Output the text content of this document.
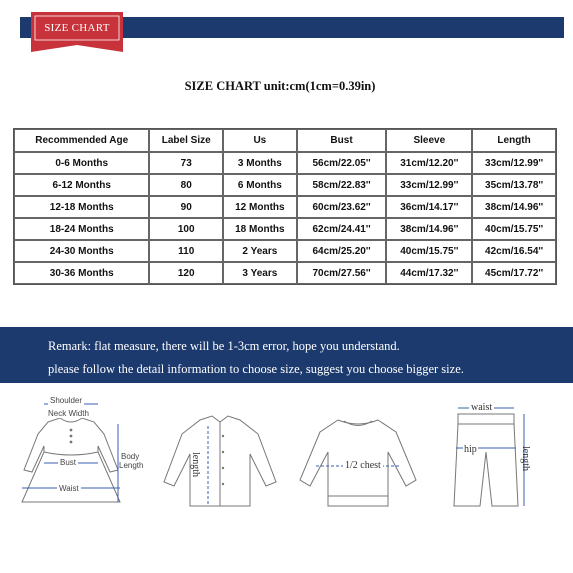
SIZE CHART
SIZE CHART unit:cm(1cm=0.39in)
Recommended Age	Label Size	Us	Bust	Sleeve	Length
0-6 Months	73	3 Months	56cm/22.05''	31cm/12.20''	33cm/12.99''
6-12 Months	80	6 Months	58cm/22.83''	33cm/12.99''	35cm/13.78''
12-18 Months	90	12 Months	60cm/23.62''	36cm/14.17''	38cm/14.96''
18-24 Months	100	18 Months	62cm/24.41''	38cm/14.96''	40cm/15.75''
24-30 Months	110	2 Years	64cm/25.20''	40cm/15.75''	42cm/16.54''
30-36 Months	120	3 Years	70cm/27.56''	44cm/17.32''	45cm/17.72''
Remark: flat measure, there will be 1-3cm error, hope you understand.
please follow the detail information to choose size, suggest you choose bigger size.
Shoulder
Neck Width
Bust
Body
Length
Waist
length	1/2 chest
waist
hip	length
